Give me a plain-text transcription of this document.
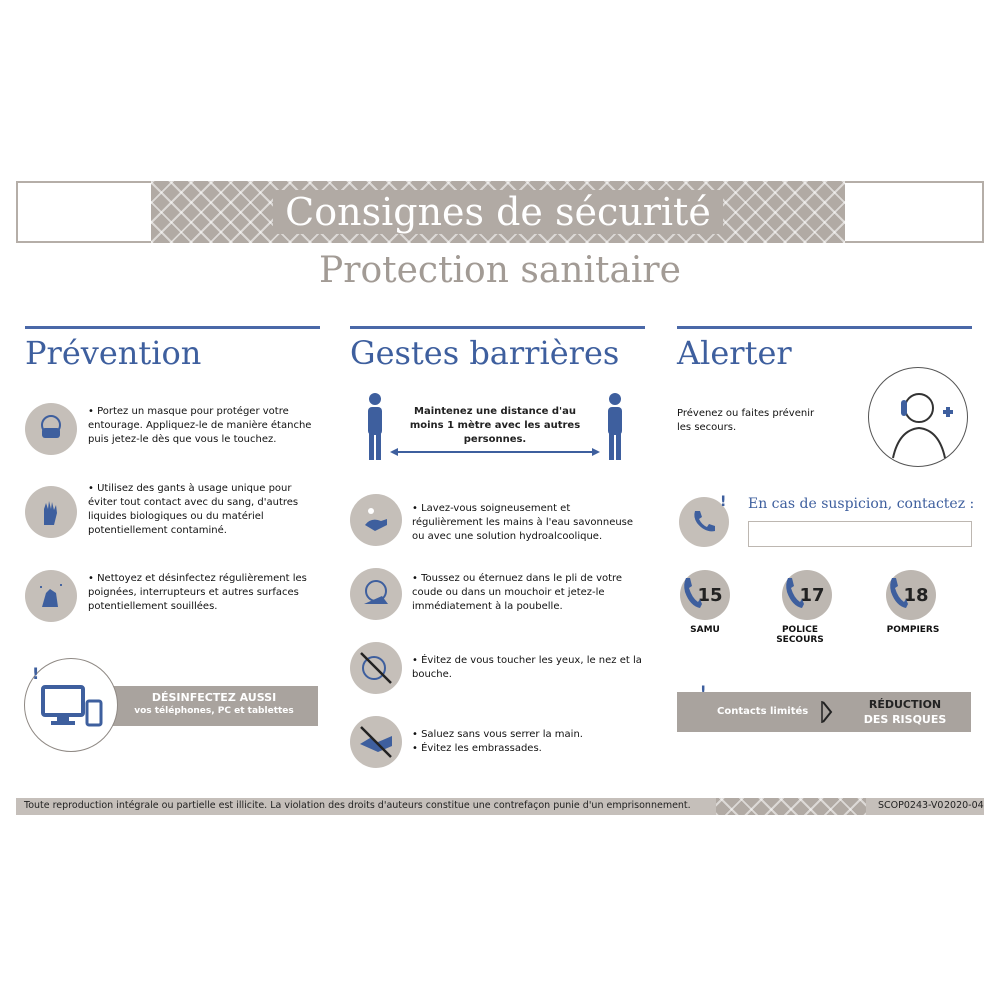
Consignes de sécurité
Protection sanitaire
Prévention	Gestes barrières Alerter
• Portez un masque pour protéger votre entourage. Appliquez-le de manière étanche puis jetez-le dès que vous le touchez.
• Utilisez des gants à usage unique pour éviter tout contact avec du sang, d'autres liquides biologiques ou du matériel potentiellement contaminé.
• Nettoyez et désinfectez régulièrement les poignées, interrupteurs et autres surfaces potentiellement souillées.
DÉSINFECTEZ AUSSI
vos téléphones, PC et tablettes
!
Maintenez une distance d'au moins 1 mètre avec les autres personnes.
• Lavez-vous soigneusement et régulièrement les mains à l'eau savonneuse ou avec une solution hydroalcoolique.
• Toussez ou éternuez dans le pli de votre coude ou dans un mouchoir et jetez-le immédiatement à la poubelle.
• Évitez de vous toucher les yeux, le nez et la bouche.
• Saluez sans vous serrer la main.
• Évitez les embrassades.
Prévenez ou faites prévenir les secours.
! En cas de suspicion, contactez :
15
SAMU
17
POLICE SECOURS
18
POMPIERS
Contacts limités
RÉDUCTION
DES RISQUES
Toute reproduction intégrale ou partielle est illicite. La violation des droits d'auteurs constitue une contrefaçon punie d'un emprisonnement.	SCOP0243-V0 2020-04
